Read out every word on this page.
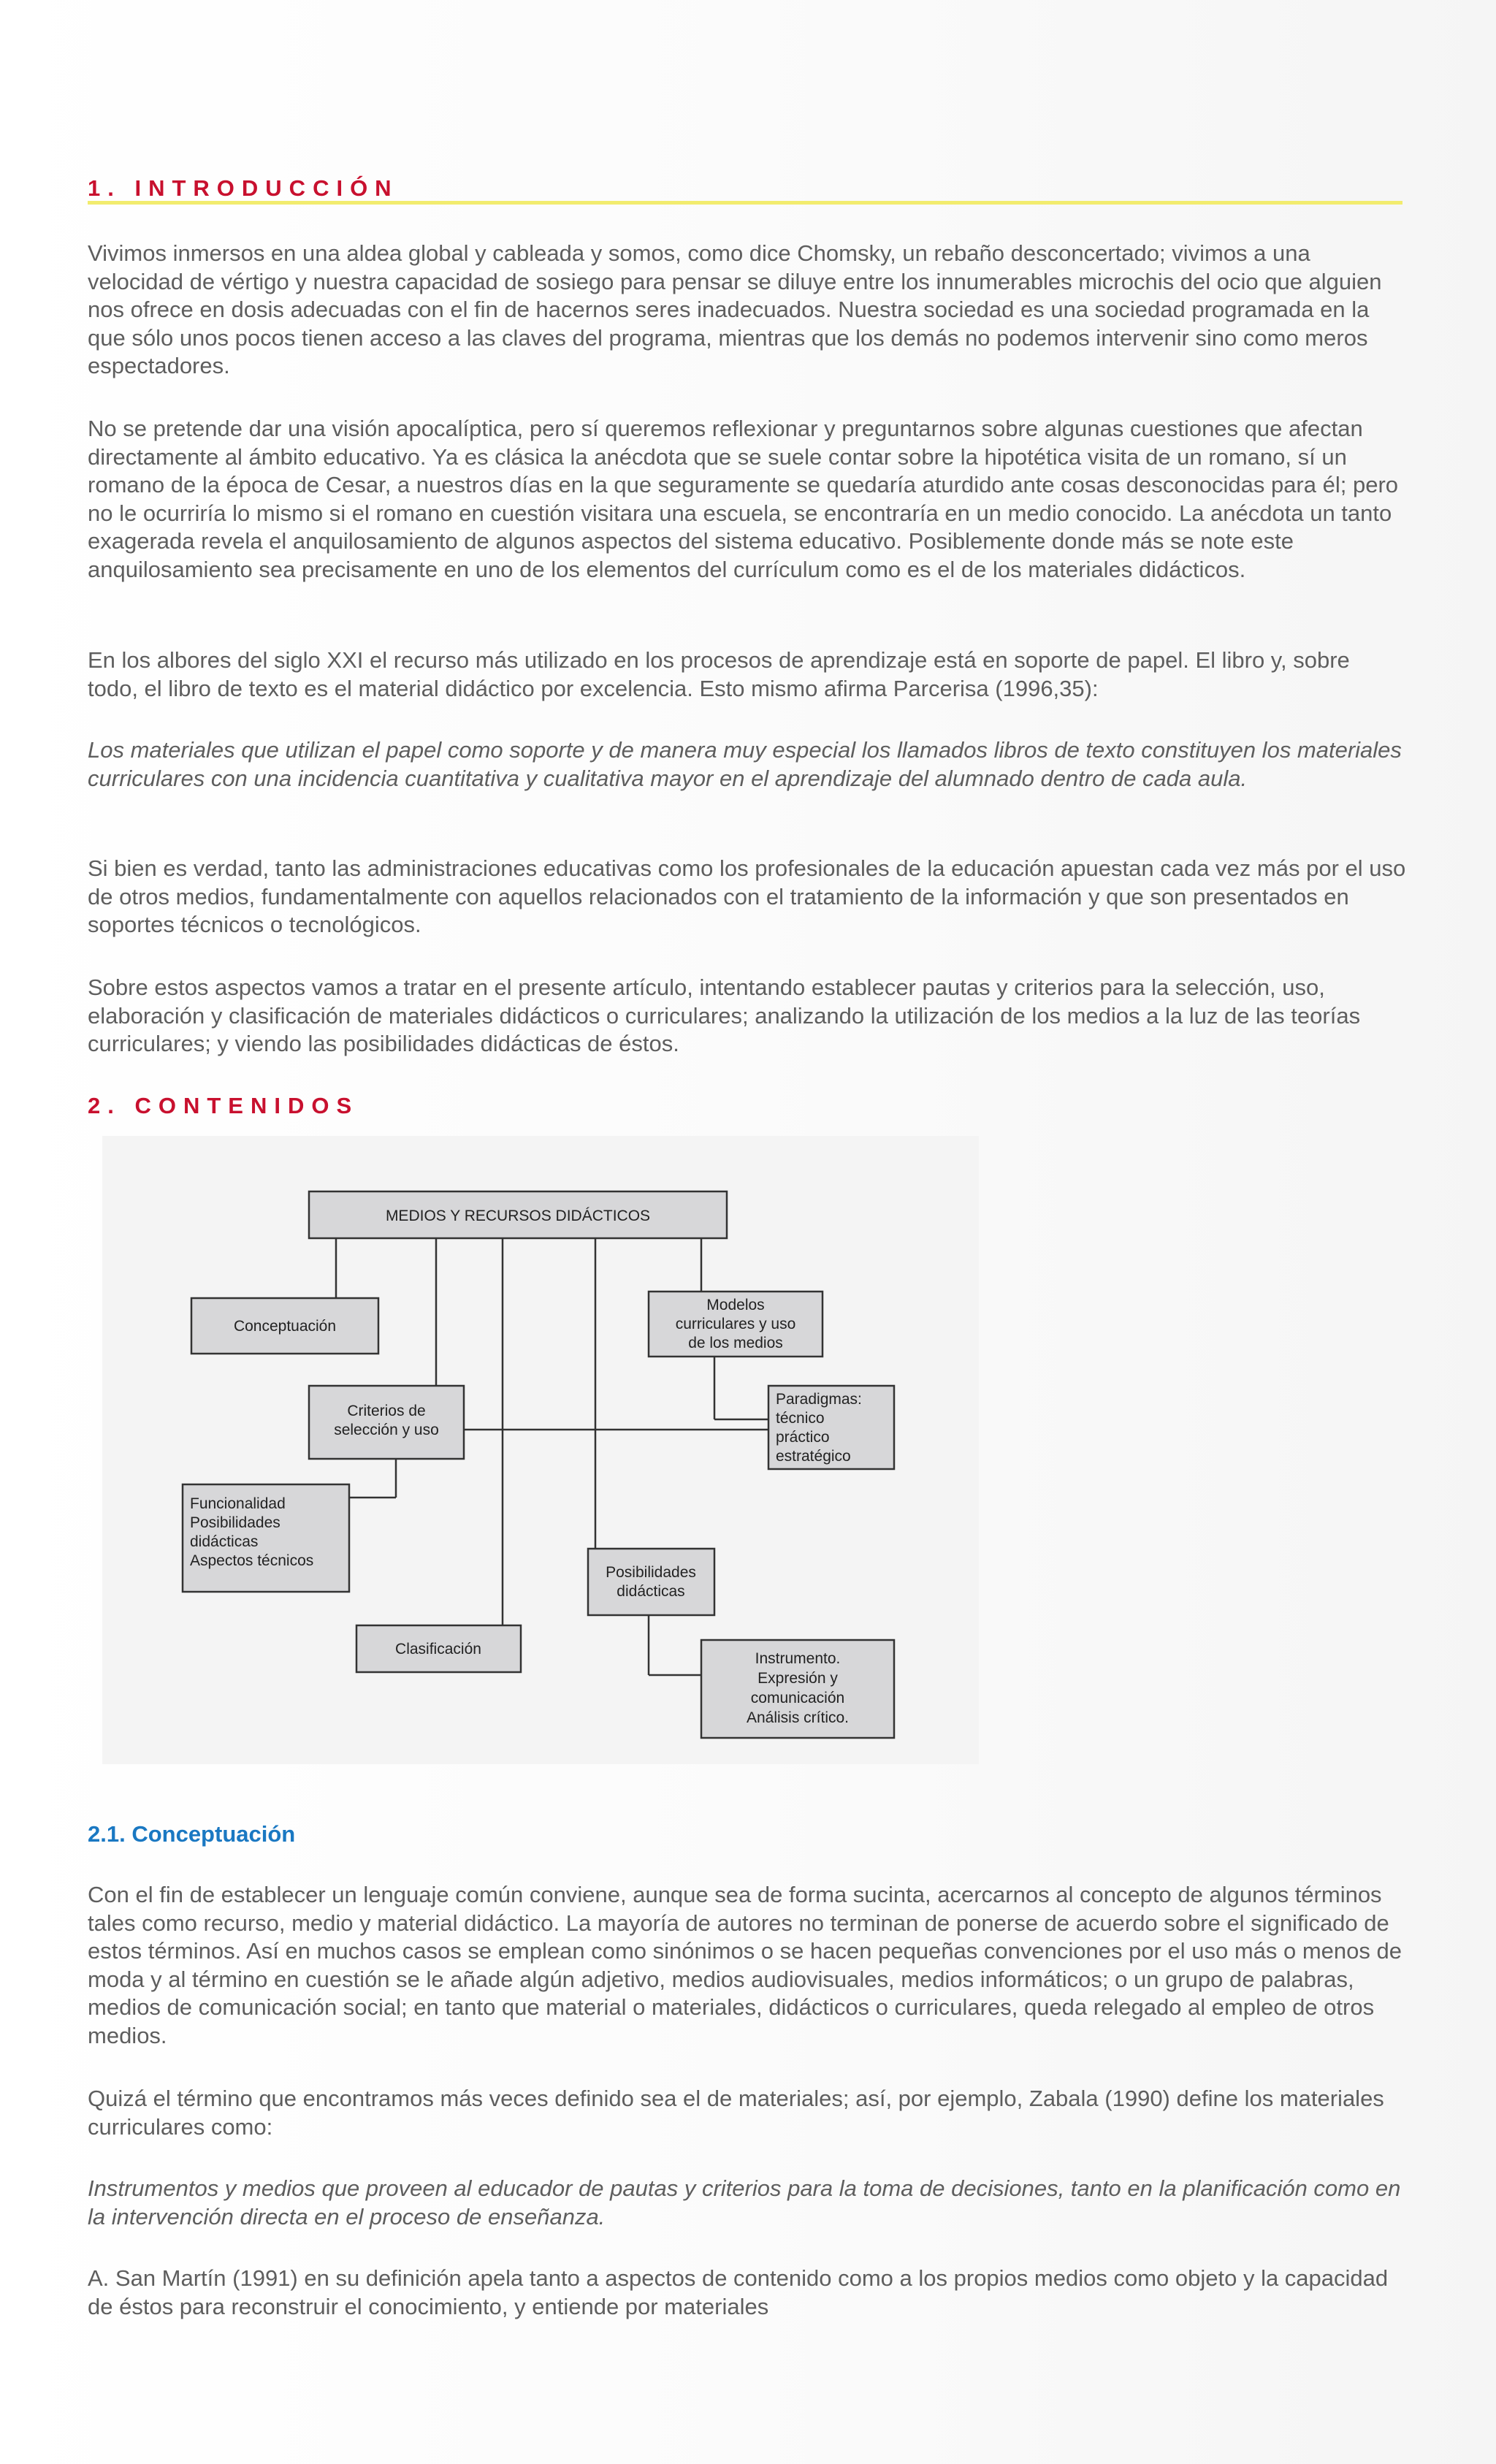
1. INTRODUCCIÓN

Vivimos inmersos en una aldea global y cableada y somos, como dice Chomsky, un rebaño desconcertado; vivimos a una velocidad de vértigo y nuestra capacidad de sosiego para pensar se diluye entre los innumerables microchis del ocio que alguien nos ofrece en dosis adecuadas con el fin de hacernos seres inadecuados. Nuestra sociedad es una sociedad programada en la que sólo unos pocos tienen acceso a las claves del programa, mientras que los demás no podemos intervenir sino como meros espectadores.

No se pretende dar una visión apocalíptica, pero sí queremos reflexionar y preguntarnos sobre algunas cuestiones que afectan directamente al ámbito educativo. Ya es clásica la anécdota que se suele contar sobre la hipotética visita de un romano, sí un romano de la época de Cesar, a nuestros días en la que seguramente se quedaría aturdido ante cosas desconocidas para él; pero no le ocurriría lo mismo si el romano en cuestión visitara una escuela, se encontraría en un medio conocido. La anécdota un tanto exagerada revela el anquilosamiento de algunos aspectos del sistema educativo. Posiblemente donde más se note este anquilosamiento sea precisamente en uno de los elementos del currículum como es el de los materiales didácticos.

En los albores del siglo XXI el recurso más utilizado en los procesos de aprendizaje está en soporte de papel. El libro y, sobre todo, el libro de texto es el material didáctico por excelencia. Esto mismo afirma Parcerisa (1996,35):

Los materiales que utilizan el papel como soporte y de manera muy especial los llamados libros de texto constituyen los materiales curriculares con una incidencia cuantitativa y cualitativa mayor en el aprendizaje del alumnado dentro de cada aula.

Si bien es verdad, tanto las administraciones educativas como los profesionales de la educación apuestan cada vez más por el uso de otros medios, fundamentalmente con aquellos relacionados con el tratamiento de la información y que son presentados en soportes técnicos o tecnológicos.

Sobre estos aspectos vamos a tratar en el presente artículo, intentando establecer pautas y criterios para la selección, uso, elaboración y clasificación de materiales didácticos o curriculares; analizando la utilización de los medios a la luz de las teorías curriculares; y viendo las posibilidades didácticas de éstos.

2. CONTENIDOS
MEDIOS Y RECURSOS DIDÁCTICOS
Conceptuación
Modelos
curriculares y uso
de los medios
Criterios de
selección y uso
Paradigmas:
técnico
práctico
estratégico
Funcionalidad
Posibilidades
didácticas
Aspectos técnicos
Posibilidades
didácticas
Clasificación
Instrumento.
Expresión y
comunicación
Análisis crítico.
2.1. Conceptuación

Con el fin de establecer un lenguaje común conviene, aunque sea de forma sucinta, acercarnos al concepto de algunos términos tales como recurso, medio y material didáctico. La mayoría de autores no terminan de ponerse de acuerdo sobre el significado de estos términos. Así en muchos casos se emplean como sinónimos o se hacen pequeñas convenciones por el uso más o menos de moda y al término en cuestión se le añade algún adjetivo, medios audiovisuales, medios informáticos; o un grupo de palabras, medios de comunicación social; en tanto que material o materiales, didácticos o curriculares, queda relegado al empleo de otros medios.

Quizá el término que encontramos más veces definido sea el de materiales; así, por ejemplo, Zabala (1990) define los materiales curriculares como:

Instrumentos y medios que proveen al educador de pautas y criterios para la toma de decisiones, tanto en la planificación como en la intervención directa en el proceso de enseñanza.

A. San Martín (1991) en su definición apela tanto a aspectos de contenido como a los propios medios como objeto y la capacidad de éstos para reconstruir el conocimiento, y entiende por materiales
